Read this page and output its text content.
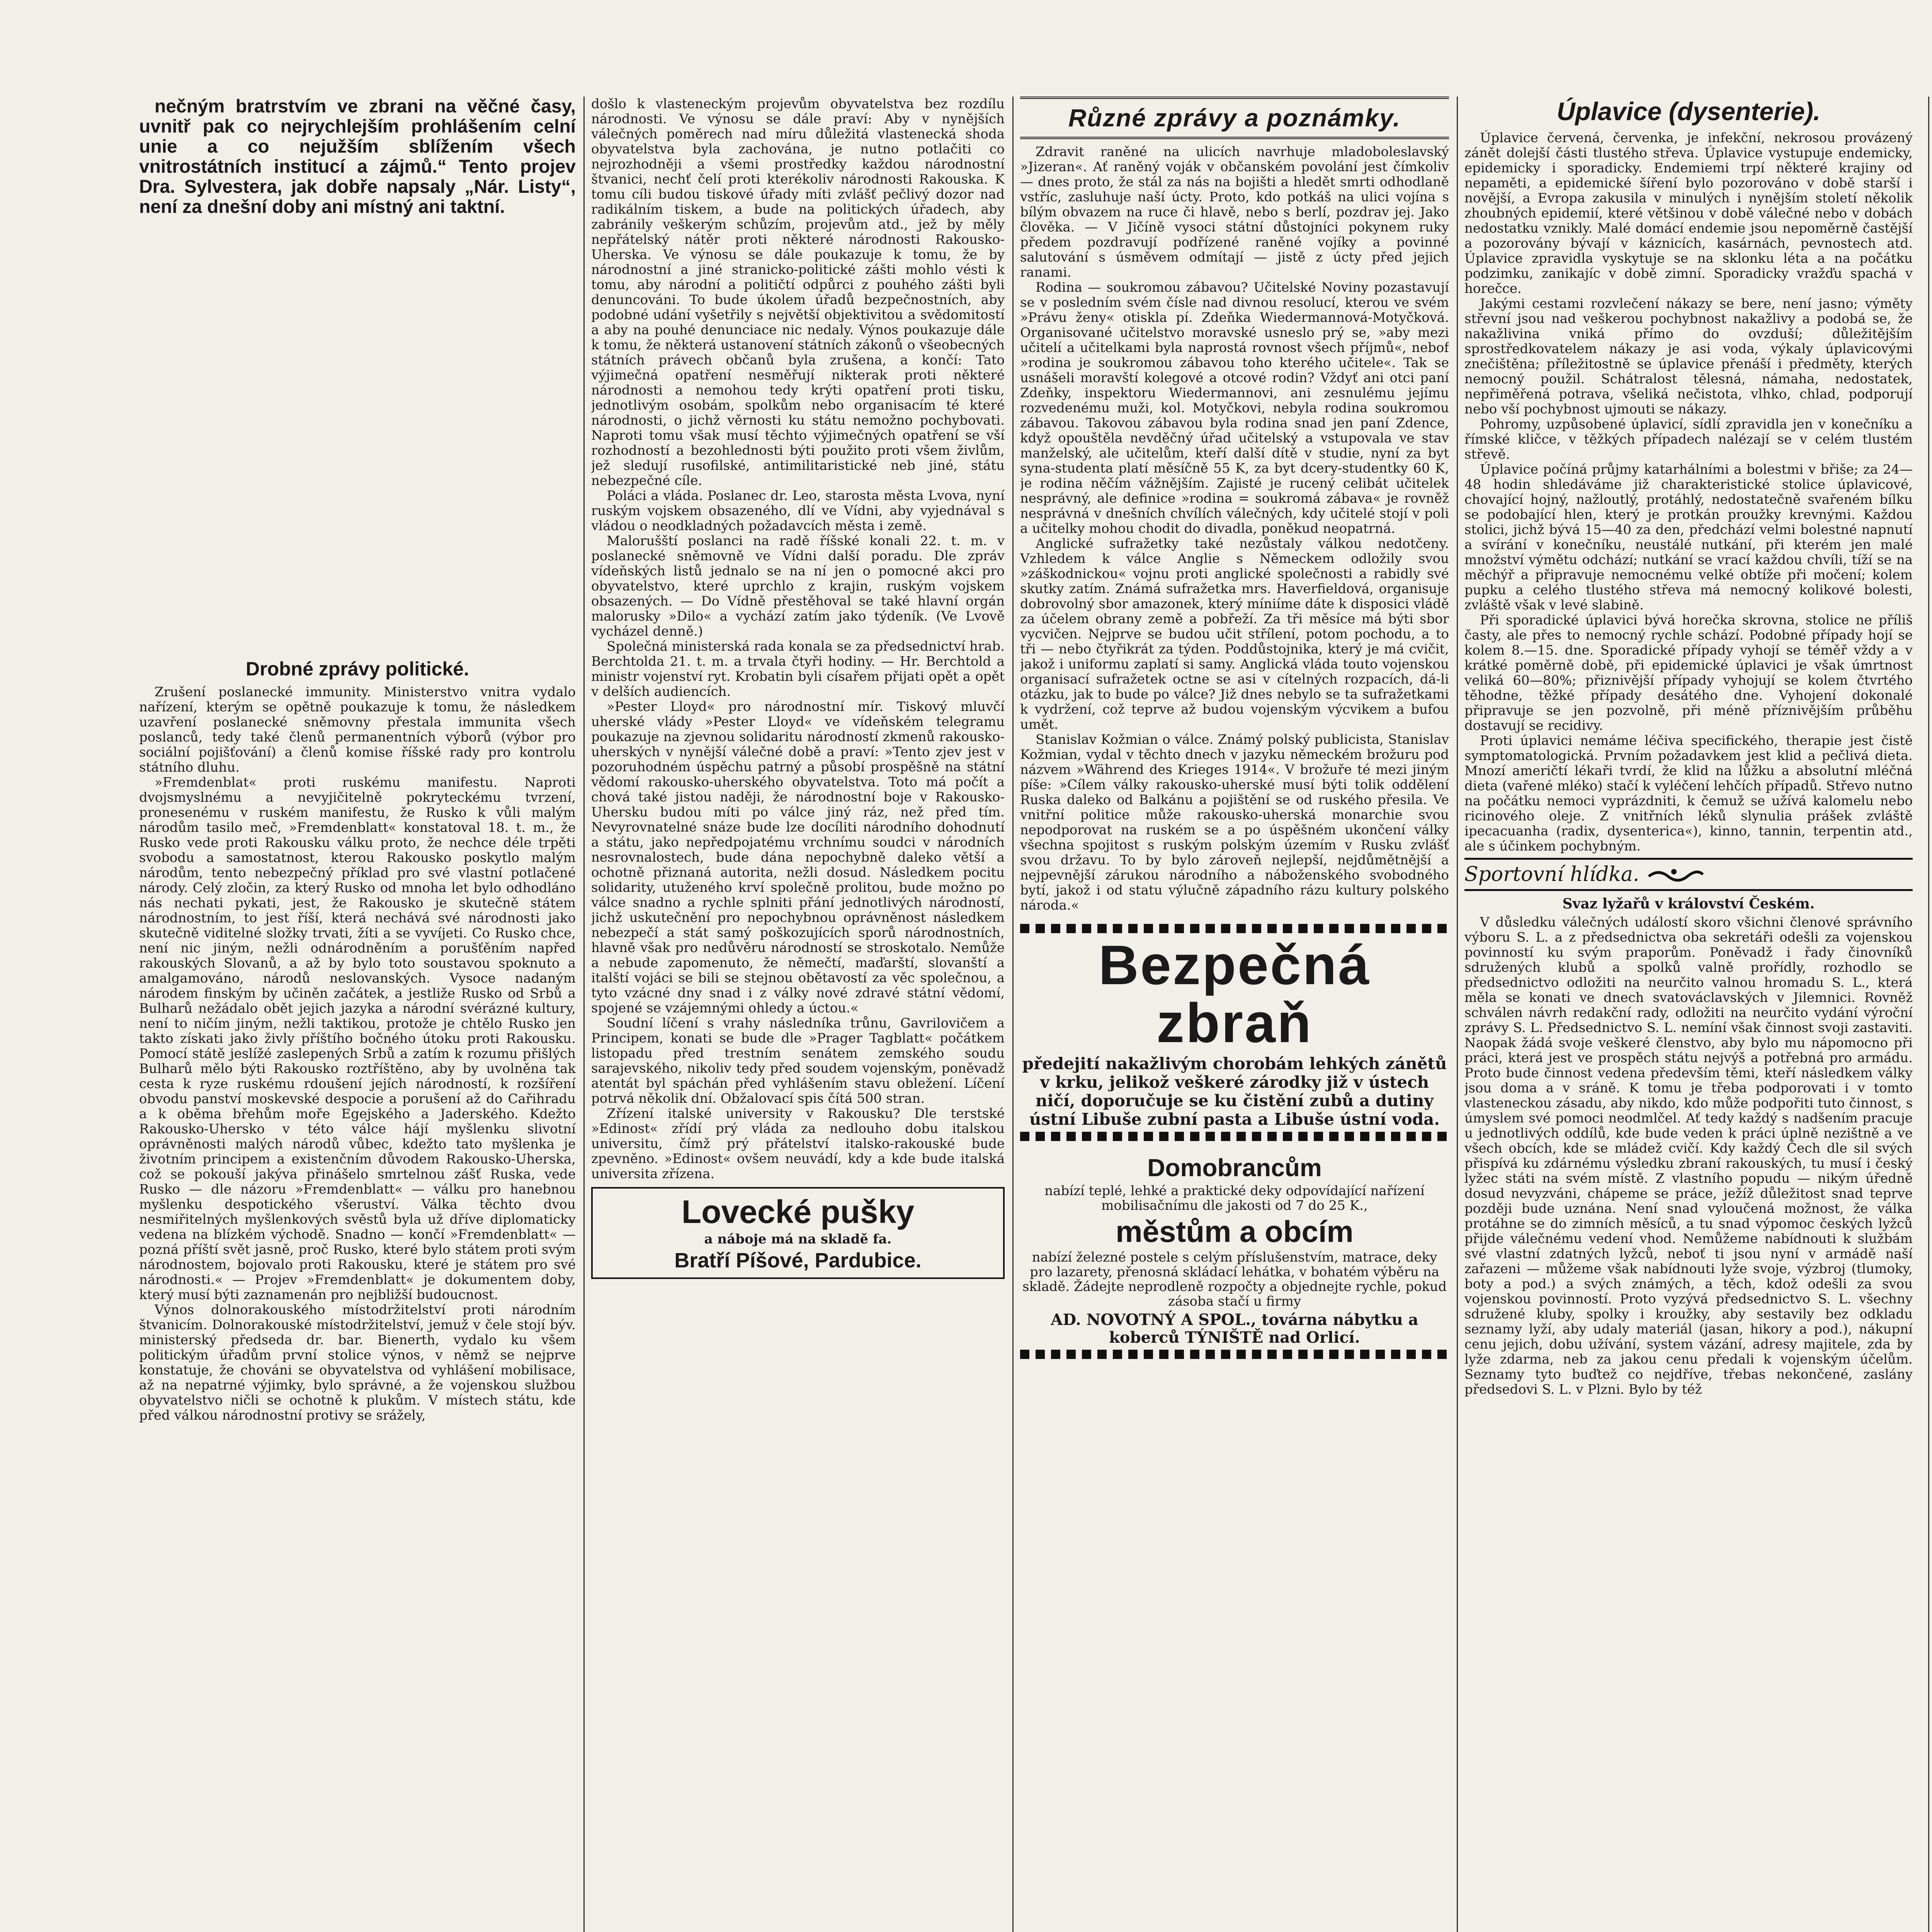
nečným bratrstvím ve zbrani na věčné časy, uvnitř pak co nejrychlejším prohlášením celní unie a co nejužším sblížením všech vnitrostátních institucí a zájmů.“ Tento projev Dra. Sylvestera, jak dobře napsaly „Nár. Listy“, není za dnešní doby ani místný ani taktní.

Drobné zprávy politické.

Zrušení poslanecké immunity. Ministerstvo vnitra vydalo nařízení, kterým se opětně poukazuje k tomu, že následkem uzavření poslanecké sněmovny přestala immunita všech poslanců, tedy také členů permanentních výborů (výbor pro sociální pojišťování) a členů komise říšské rady pro kontrolu státního dluhu.

»Fremdenblat« proti ruskému manifestu. Naproti dvojsmyslnému a nevyjičitelně pokryteckému tvrzení, pronesenému v ruském manifestu, že Rusko k vůli malým národům tasilo meč, »Fremdenblatt« konstatoval 18. t. m., že Rusko vede proti Rakousku válku proto, že nechce déle trpěti svobodu a samostatnost, kterou Rakousko poskytlo malým národům, tento nebezpečný příklad pro své vlastní potlačené národy. Celý zločin, za který Rusko od mnoha let bylo odhodláno nás nechati pykati, jest, že Rakousko je skutečně státem národnostním, to jest říší, která nechává své národnosti jako skutečně viditelné složky trvati, žíti a se vyvíjeti. Co Rusko chce, není nic jiným, nežli odnárodněním a porušťěním napřed rakouských Slovanů, a až by bylo toto soustavou spoknuto a amalgamováno, národů neslovanských. Vysoce nadaným národem finským by učiněn začátek, a jestliže Rusko od Srbů a Bulharů nežádalo obět jejich jazyka a národní svérázné kultury, není to ničím jiným, nežli taktikou, protože je chtělo Rusko jen takto získati jako živly příštího bočného útoku proti Rakousku. Pomocí státě jeslížé zaslepených Srbů a zatím k rozumu přišlých Bulharů mělo býti Rakousko roztříštěno, aby by uvolněna tak cesta k ryze ruskému rdoušení jejích národností, k rozšíření obvodu panství moskevské despocie a porušení až do Cařihradu a k oběma břehům moře Egejského a Jaderského. Kdežto Rakousko-Uhersko v této válce hájí myšlenku slivotní oprávněnosti malých národů vůbec, kdežto tato myšlenka je životním principem a existenčním důvodem Rakousko-Uherska, což se pokouší jakýva přinášelo smrtelnou zášť Ruska, vede Rusko — dle názoru »Fremdenblatt« — válku pro hanebnou myšlenku despotického všeruství. Válka těchto dvou nesmiřitelných myšlenkových svěstů byla už dříve diplomaticky vedena na blízkém východě. Snadno — končí »Fremdenblatt« — pozná příští svět jasně, proč Rusko, které bylo státem proti svým národnostem, bojovalo proti Rakousku, které je státem pro své národnosti.« — Projev »Fremdenblatt« je dokumentem doby, který musí býti zaznamenán pro nejbližší budoucnost.

Výnos dolnorakouského místodržitelství proti národním štvanicím. Dolnorakouské místodržitelství, jemuž v čele stojí býv. ministerský předseda dr. bar. Bienerth, vydalo ku všem politickým úřadům první stolice výnos, v němž se nejprve konstatuje, že chováni se obyvatelstva od vyhlášení mobilisace, až na nepatrné výjimky, bylo správné, a že vojenskou službou obyvatelstvo ničli se ochotně k plukům. V místech státu, kde před válkou národnostní protivy se srážely,

došlo k vlasteneckým projevům obyvatelstva bez rozdílu národnosti. Ve výnosu se dále praví: Aby v nynějších válečných poměrech nad míru důležitá vlastenecká shoda obyvatelstva byla zachována, je nutno potlačiti co nejrozhodněji a všemi prostředky každou národnostní štvanici, nechť čelí proti kterékoliv národnosti Rakouska. K tomu cíli budou tiskové úřady míti zvlášť pečlivý dozor nad radikálním tiskem, a bude na politických úřadech, aby zabránily veškerým schůzím, projevům atd., jež by měly nepřátelský nátěr proti některé národnosti Rakousko-Uherska. Ve výnosu se dále poukazuje k tomu, že by národnostní a jiné stranicko-politické zášti mohlo vésti k tomu, aby národní a političtí odpůrci z pouhého zášti byli denuncováni. To bude úkolem úřadů bezpečnostních, aby podobné udání vyšetřily s největší objektivitou a svědomitostí a aby na pouhé denunciace nic nedaly. Výnos poukazuje dále k tomu, že některá ustanovení státních zákonů o všeobecných státních právech občanů byla zrušena, a končí: Tato výjimečná opatření nesměřují nikterak proti některé národnosti a nemohou tedy krýti opatření proti tisku, jednotlivým osobám, spolkům nebo organisacím té které národnosti, o jichž věrnosti ku státu nemožno pochybovati. Naproti tomu však musí těchto výjimečných opatření se vší rozhodností a bezohlednosti býti použito proti všem živlům, jež sledují rusofilské, antimilitaristické neb jiné, státu nebezpečné cíle.

Poláci a vláda. Poslanec dr. Leo, starosta města Lvova, nyní ruským vojskem obsazeného, dlí ve Vídni, aby vyjednával s vládou o neodkladných požadavcích města i země.

Malorušští poslanci na radě říšské konali 22. t. m. v poslanecké sněmovně ve Vídni další poradu. Dle zpráv vídeňských listů jednalo se na ní jen o pomocné akci pro obyvatelstvo, které uprchlo z krajin, ruským vojskem obsazených. — Do Vídně přestěhoval se také hlavní orgán malorusky »Dilo« a vychází zatím jako týdeník. (Ve Lvově vycházel denně.)

Společná ministerská rada konala se za předsednictví hrab. Berchtolda 21. t. m. a trvala čtyři hodiny. — Hr. Berchtold a ministr vojenství ryt. Krobatin byli císařem přijati opět a opět v delších audiencích.

»Pester Lloyd« pro národnostní mír. Tiskový mluvčí uherské vlády »Pester Lloyd« ve vídeňském telegramu poukazuje na zjevnou solidaritu národností zkmenů rakousko-uherských v nynější válečné době a praví: »Tento zjev jest v pozoruhodném úspěchu patrný a působí prospěšně na státní vědomí rakousko-uherského obyvatelstva. Toto má počít a chová také jistou naději, že národnostní boje v Rakousko-Uhersku budou míti po válce jiný ráz, než před tím. Nevyrovnatelné snáze bude lze docíliti národního dohodnutí a státu, jako nepředpojatému vrchnímu soudci v národních nesrovnalostech, bude dána nepochybně daleko větší a ochotně přiznaná autorita, nežli dosud. Následkem pocitu solidarity, utuženého krví společně prolitou, bude možno po válce snadno a rychle splniti přání jednotlivých národností, jichž uskutečnění pro nepochybnou oprávněnost následkem nebezpečí a stát samý poškozujících sporů národnostních, hlavně však pro nedůvěru národností se stroskotalo. Nemůže a nebude zapomenuto, že němečtí, maďarští, slovanští a italští vojáci se bili se stejnou obětavostí za věc společnou, a tyto vzácné dny snad i z války nové zdravé státní vědomí, spojené se vzájemnými ohledy a úctou.«

Soudní líčení s vrahy následníka trůnu, Gavrilovičem a Principem, konati se bude dle »Prager Tagblatt« počátkem listopadu před trestním senátem zemského soudu sarajevského, nikoliv tedy před soudem vojenským, poněvadž atentát byl spáchán před vyhlášením stavu obležení. Líčení potrvá několik dní. Obžalovací spis čítá 500 stran.

Zřízení italské university v Rakousku? Dle terstské »Edinost« zřídí prý vláda za nedlouho dobu italskou universitu, čímž prý přátelství italsko-rakouské bude zpevněno. »Edinost« ovšem neuvádí, kdy a kde bude italská universita zřízena.

Lovecké pušky
a náboje má na skladě fa.
Bratří Píšové, Pardubice.
Různé zprávy a poznámky.

Zdravit raněné na ulicích navrhuje mladoboleslavský »Jizeran«. Ať raněný voják v občanském povolání jest čímkoliv — dnes proto, že stál za nás na bojišti a hledět smrti odhodlaně vstříc, zasluhuje naší úcty. Proto, kdo potkáš na ulici vojína s bílým obvazem na ruce či hlavě, nebo s berlí, pozdrav jej. Jako člověka. — V Jičíně vysoci státní důstojníci pokynem ruky předem pozdravují podřízené raněné vojíky a povinné salutování s úsměvem odmítají — jistě z úcty před jejich ranami.

Rodina — soukromou zábavou? Učitelské Noviny pozastavují se v posledním svém čísle nad divnou resolucí, kterou ve svém »Právu ženy« otiskla pí. Zdeňka Wiedermannová-Motyčková. Organisované učitelstvo moravské usneslo prý se, »aby mezi učitelí a učitelkami byla naprostá rovnost všech příjmů«, nebof »rodina je soukromou zábavou toho kterého učitele«. Tak se usnášeli moravští kolegové a otcové rodin? Vždyť ani otci paní Zdeňky, inspektoru Wiedermannovi, ani zesnulému jejímu rozvedenému muži, kol. Motyčkovi, nebyla rodina soukromou zábavou. Takovou zábavou byla rodina snad jen paní Zdence, když opouštěla nevděčný úřad učitelský a vstupovala ve stav manželský, ale učitelům, kteří další dítě v studie, nyní za byt syna-studenta platí měsíčně 55 K, za byt dcery-studentky 60 K, je rodina něčím vážnějším. Zajisté je rucený celibát učitelek nesprávný, ale definice »rodina = soukromá zábava« je rovněž nesprávná v dnešních chvílích válečných, kdy učitelé stojí v poli a učitelky mohou chodit do divadla, poněkud neopatrná.

Anglické sufražetky také nezůstaly válkou nedotčeny. Vzhledem k válce Anglie s Německem odložily svou »záškodnickou« vojnu proti anglické společnosti a rabidly své skutky zatím. Známá sufražetka mrs. Haverfieldová, organisuje dobrovolný sbor amazonek, který míniíme dáte k disposici vládě za účelem obrany země a pobřeží. Za tři měsíce má býti sbor vycvičen. Nejprve se budou učit střílení, potom pochodu, a to tři — nebo čtyřikrát za týden. Poddůstojnika, který je má cvičit, jakož i uniformu zaplatí si samy. Anglická vláda touto vojenskou organisací sufražetek octne se asi v cítelných rozpacích, dá-li otázku, jak to bude po válce? Již dnes nebylo se ta sufražetkami k vydržení, což teprve až budou vojenským výcvikem a bufou umět.

Stanislav Kožmian o válce. Známý polský publicista, Stanislav Kožmian, vydal v těchto dnech v jazyku německém brožuru pod názvem »Während des Krieges 1914«. V brožuře té mezi jiným píše: »Cílem války rakousko-uherské musí býti tolik oddělení Ruska daleko od Balkánu a pojištění se od ruského přesila. Ve vnitřní politice může rakousko-uherská monarchie svou nepodporovat na ruském se a po úspěšném ukončení války všechna spojitost s ruským polským územím v Rusku zvlášť svou državu. To by bylo zároveň nejlepší, nejdůmětnější a nejpevnější zárukou národního a náboženského svobodného bytí, jakož i od statu výlučně západního rázu kultury polského národa.«

Bezpečná
zbraň
předejití nakažlivým chorobám lehkých zánětů v krku, jelikož veškeré zárodky již v ústech ničí, doporučuje se ku čistění zubů a dutiny ústní Libuše zubní pasta a Libuše ústní voda.
Domobrancům
nabízí teplé, lehké a praktické deky odpovídající nařízení mobilisačnímu dle jakosti od 7 do 25 K.,
městům a obcím
nabízí železné postele s celým příslušenstvím, matrace, deky pro lazarety, přenosná skládací lehátka, v bohatém výběru na skladě. Žádejte neprodleně rozpočty a objednejte rychle, pokud zásoba stačí u firmy
AD. NOVOTNÝ A SPOL., továrna nábytku a koberců TÝNIŠTĚ nad Orlicí.
Úplavice (dysenterie).

Úplavice červená, červenka, je infekční, nekrosou provázený zánět dolejší části tlustého střeva. Úplavice vystupuje endemicky, epidemicky i sporadicky. Endemiemi trpí některé krajiny od nepaměti, a epidemické šíření bylo pozorováno v době starší i novější, a Evropa zakusila v minulých i nynějším století několik zhoubných epidemií, které většinou v době válečné nebo v dobách nedostatku vznikly. Malé domácí endemie jsou nepoměrně častější a pozorovány bývají v káznicích, kasárnách, pevnostech atd. Úplavice zpravidla vyskytuje se na sklonku léta a na počátku podzimku, zanikajíc v době zimní. Sporadicky vražďu spachá v horečce.

Jakými cestami rozvlečení nákazy se bere, není jasno; výměty střevní jsou nad veškerou pochybnost nakažlivy a podobá se, že nakažlivina vniká přímo do ovzduší; důležitějším sprostředkovatelem nákazy je asi voda, výkaly úplavicovými znečištěna; příležitostně se úplavice přenáší i předměty, kterých nemocný použil. Schátralost tělesná, námaha, nedostatek, nepřiměřená potrava, všeliká nečistota, vlhko, chlad, podporují nebo vší pochybnost ujmouti se nákazy.

Pohromy, uzpůsobené úplavicí, sídlí zpravidla jen v konečníku a římské kličce, v těžkých případech nalézají se v celém tlustém střevě.

Úplavice počíná průjmy katarhálními a bolestmi v břiše; za 24—48 hodin shledáváme již charakteristické stolice úplavicové, chovající hojný, nažloutlý, protáhlý, nedostatečně svařeném bílku se podobající hlen, který je protkán proužky krevnými. Každou stolici, jichž bývá 15—40 za den, předchází velmi bolestné napnutí a svírání v konečníku, neustálé nutkání, při kterém jen malé množství výmětu odchází; nutkání se vrací každou chvíli, tíží se na měchýř a připravuje nemocnému velké obtíže při močení; kolem pupku a celého tlustého střeva má nemocný kolikové bolesti, zvláště však v levé slabině.

Při sporadické úplavici bývá horečka skrovna, stolice ne příliš časty, ale přes to nemocný rychle schází. Podobné případy hojí se kolem 8.—15. dne. Sporadické případy vyhojí se téměř vždy a v krátké poměrně době, při epidemické úplavici je však úmrtnost veliká 60—80%; přiznivější případy vyhojují se kolem čtvrtého těhodne, těžké případy desátého dne. Vyhojení dokonalé připravuje se jen pozvolně, při méně příznivějším průběhu dostavují se recidivy.

Proti úplavici nemáme léčiva specifického, therapie jest čistě symptomatologická. Prvním požadavkem jest klid a pečlivá dieta. Mnozí američtí lékaři tvrdí, že klid na lůžku a absolutní mléčná dieta (vařené mléko) stačí k vyléčení lehčích případů. Střevo nutno na počátku nemoci vyprázdniti, k čemuž se užívá kalomelu nebo ricinového oleje. Z vnitřních léků slynulia prášek zvláště ipecacuanha (radix, dysenterica«), kinno, tannin, terpentin atd., ale s účinkem pochybným.

Sportovní hlídka.
Svaz lyžařů v království Českém.

V důsledku válečných událostí skoro všichni členové správního výboru S. L. a z předsednictva oba sekretáři odešli za vojenskou povinností ku svým praporům. Poněvadž i řady činovníků sdružených klubů a spolků valně prořídly, rozhodlo se předsednictvo odložiti na neurčito valnou hromadu S. L., která měla se konati ve dnech svatováclavských v Jilemnici. Rovněž schválen návrh redakční rady, odložiti na neurčito vydání výroční zprávy S. L. Předsednictvo S. L. nemíní však činnost svoji zastaviti. Naopak žádá svoje veškeré členstvo, aby bylo mu nápomocno při práci, která jest ve prospěch státu nejvýš a potřebná pro armádu. Proto bude činnost vedena především těmi, kteří následkem války jsou doma a v sráně. K tomu je třeba podporovati i v tomto vlasteneckou zásadu, aby nikdo, kdo může podpořiti tuto činnost, s úmyslem své pomoci neodmlčel. Ať tedy každý s nadšením pracuje u jednotlivých oddílů, kde bude veden k práci úplně nezištně a ve všech obcích, kde se mládež cvičí. Kdy každý Čech dle sil svých přispívá ku zdárnému výsledku zbraní rakouských, tu musí i český lyžec státi na svém místě. Z vlastního popudu — nikým úředně dosud nevyzváni, chápeme se práce, ježíž důležitost snad teprve později bude uznána. Není snad vyloučená možnost, že válka protáhne se do zimních měsíců, a tu snad výpomoc českých lyžců přijde válečnému vedení vhod. Nemůžeme nabídnouti k službám své vlastní zdatných lyžců, neboť ti jsou nyní v armádě naší zařazeni — můžeme však nabídnouti lyže svoje, výzbroj (tlumoky, boty a pod.) a svých známých, a těch, kdož odešli za svou vojenskou povinností. Proto vyzývá předsednictvo S. L. všechny sdružené kluby, spolky i kroužky, aby sestavily bez odkladu seznamy lyží, aby udaly materiál (jasan, hikory a pod.), nákupní cenu jejich, dobu užívání, system vázání, adresy majitele, zda by lyže zdarma, neb za jakou cenu předali k vojenským účelům. Seznamy tyto buďtež co nejdříve, třebas nekončené, zaslány předsedovi S. L. v Plzni. Bylo by též
